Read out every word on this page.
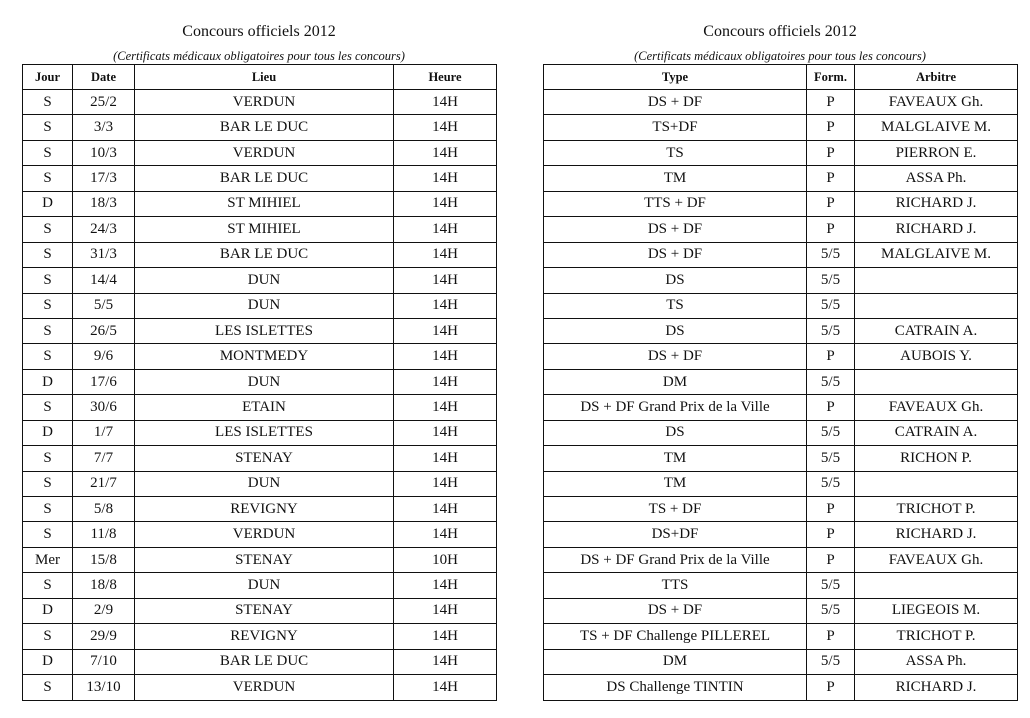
Concours officiels 2012
(Certificats médicaux obligatoires pour tous les concours)
Jour	Date	Lieu	Heure
S	25/2	VERDUN	14H
S	3/3	BAR LE DUC	14H
S	10/3	VERDUN	14H
S	17/3	BAR LE DUC	14H
D	18/3	ST MIHIEL	14H
S	24/3	ST MIHIEL	14H
S	31/3	BAR LE DUC	14H
S	14/4	DUN	14H
S	5/5	DUN	14H
S	26/5	LES ISLETTES	14H
S	9/6	MONTMEDY	14H
D	17/6	DUN	14H
S	30/6	ETAIN	14H
D	1/7	LES ISLETTES	14H
S	7/7	STENAY	14H
S	21/7	DUN	14H
S	5/8	REVIGNY	14H
S	11/8	VERDUN	14H
Mer	15/8	STENAY	10H
S	18/8	DUN	14H
D	2/9	STENAY	14H
S	29/9	REVIGNY	14H
D	7/10	BAR LE DUC	14H
S	13/10	VERDUN	14H
Concours officiels 2012
(Certificats médicaux obligatoires pour tous les concours)
Type	Form.	Arbitre
DS + DF	P	FAVEAUX Gh.
TS+DF	P	MALGLAIVE M.
TS	P	PIERRON E.
TM	P	ASSA Ph.
TTS + DF	P	RICHARD J.
DS + DF	P	RICHARD J.
DS + DF	5/5	MALGLAIVE M.
DS	5/5	
TS	5/5	
DS	5/5	CATRAIN A.
DS + DF	P	AUBOIS Y.
DM	5/5	
DS + DF Grand Prix de la Ville	P	FAVEAUX Gh.
DS	5/5	CATRAIN A.
TM	5/5	RICHON P.
TM	5/5	
TS + DF	P	TRICHOT P.
DS+DF	P	RICHARD J.
DS + DF Grand Prix de la Ville	P	FAVEAUX Gh.
TTS	5/5	
DS + DF	5/5	LIEGEOIS M.
TS + DF Challenge PILLEREL	P	TRICHOT P.
DM	5/5	ASSA Ph.
DS Challenge TINTIN	P	RICHARD J.
